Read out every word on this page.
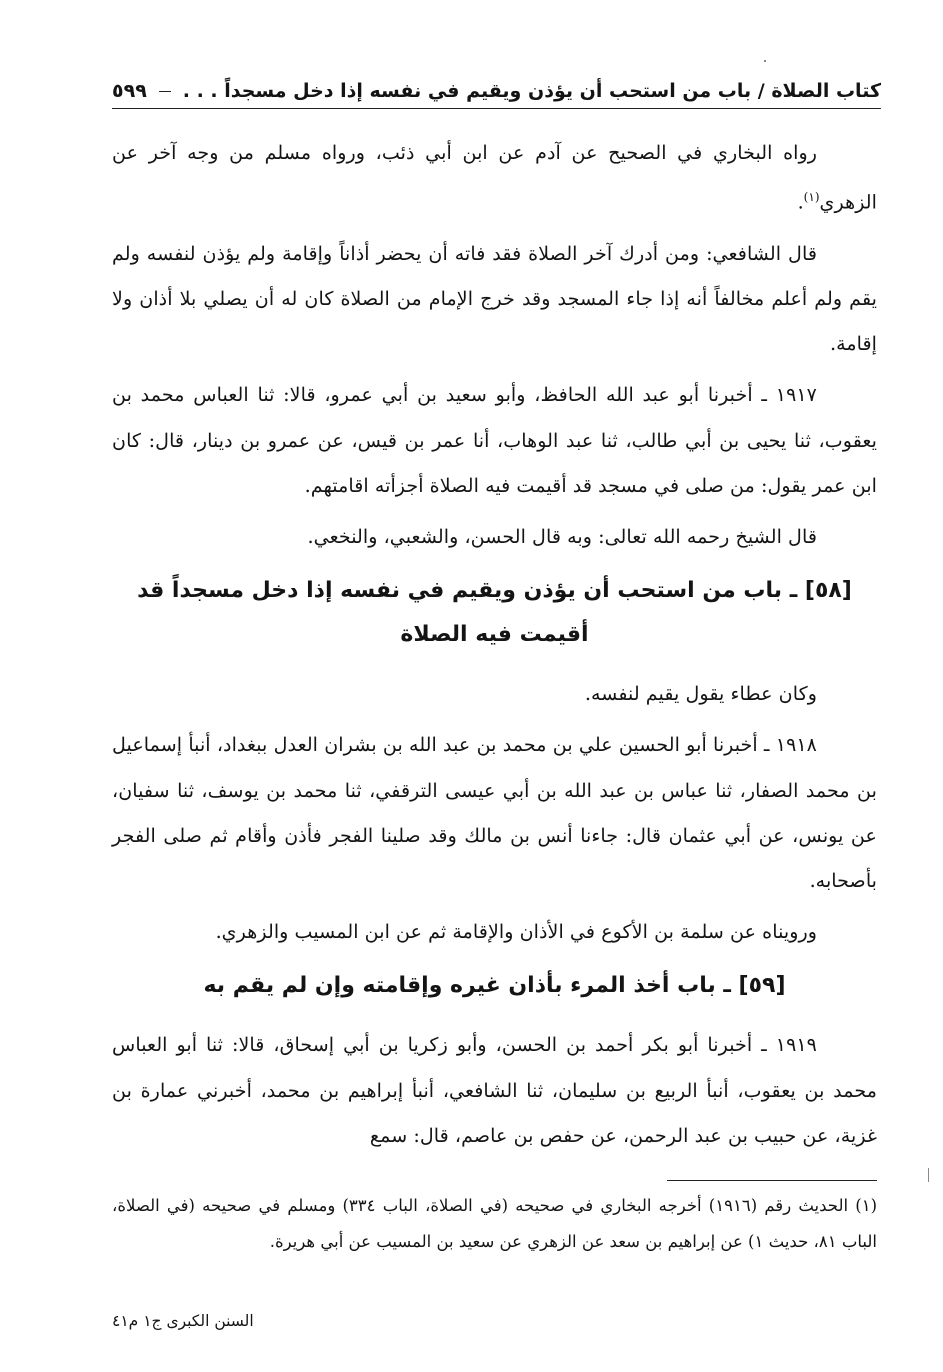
كتاب الصلاة / باب من استحب أن يؤذن ويقيم في نفسه إذا دخل مسجداً . . .
٥٩٩

رواه البخاري في الصحيح عن آدم عن ابن أبي ذئب، ورواه مسلم من وجه آخر عن الزهري$^{(١)}$.

قال الشافعي: ومن أدرك آخر الصلاة فقد فاته أن يحضر أذاناً وإقامة ولم يؤذن لنفسه ولم يقم ولم أعلم مخالفاً أنه إذا جاء المسجد وقد خرج الإمام من الصلاة كان له أن يصلي بلا أذان ولا إقامة.

١٩١٧ ـ أخبرنا أبو عبد الله الحافظ، وأبو سعيد بن أبي عمرو، قالا: ثنا العباس محمد بن يعقوب، ثنا يحيى بن أبي طالب، ثنا عبد الوهاب، أنا عمر بن قيس، عن عمرو بن دينار، قال: كان ابن عمر يقول: من صلى في مسجد قد أقيمت فيه الصلاة أجزأته اقامتهم.

قال الشيخ رحمه الله تعالى: وبه قال الحسن، والشعبي، والنخعي.

[٥٨] ـ باب من استحب أن يؤذن ويقيم في نفسه إذا دخل مسجداً قد أقيمت فيه الصلاة

وكان عطاء يقول يقيم لنفسه.

١٩١٨ ـ أخبرنا أبو الحسين علي بن محمد بن عبد الله بن بشران العدل ببغداد، أنبأ إسماعيل بن محمد الصفار، ثنا عباس بن عبد الله بن أبي عيسى الترقفي، ثنا محمد بن يوسف، ثنا سفيان، عن يونس، عن أبي عثمان قال: جاءنا أنس بن مالك وقد صلينا الفجر فأذن وأقام ثم صلى الفجر بأصحابه.

ورويناه عن سلمة بن الأكوع في الأذان والإقامة ثم عن ابن المسيب والزهري.

[٥٩] ـ باب أخذ المرء بأذان غيره وإقامته وإن لم يقم به

١٩١٩ ـ أخبرنا أبو بكر أحمد بن الحسن، وأبو زكريا بن أبي إسحاق، قالا: ثنا أبو العباس محمد بن يعقوب، أنبأ الربيع بن سليمان، ثنا الشافعي، أنبأ إبراهيم بن محمد، أخبرني عمارة بن غزية، عن حبيب بن عبد الرحمن، عن حفص بن عاصم، قال: سمع

(١) الحديث رقم (١٩١٦) أخرجه البخاري في صحيحه (في الصلاة، الباب ٣٣٤) ومسلم في صحيحه (في الصلاة، الباب ٨١، حديث ١) عن إبراهيم بن سعد عن الزهري عن سعيد بن المسيب عن أبي هريرة.

السنن الكبرى ج١ م٤١
